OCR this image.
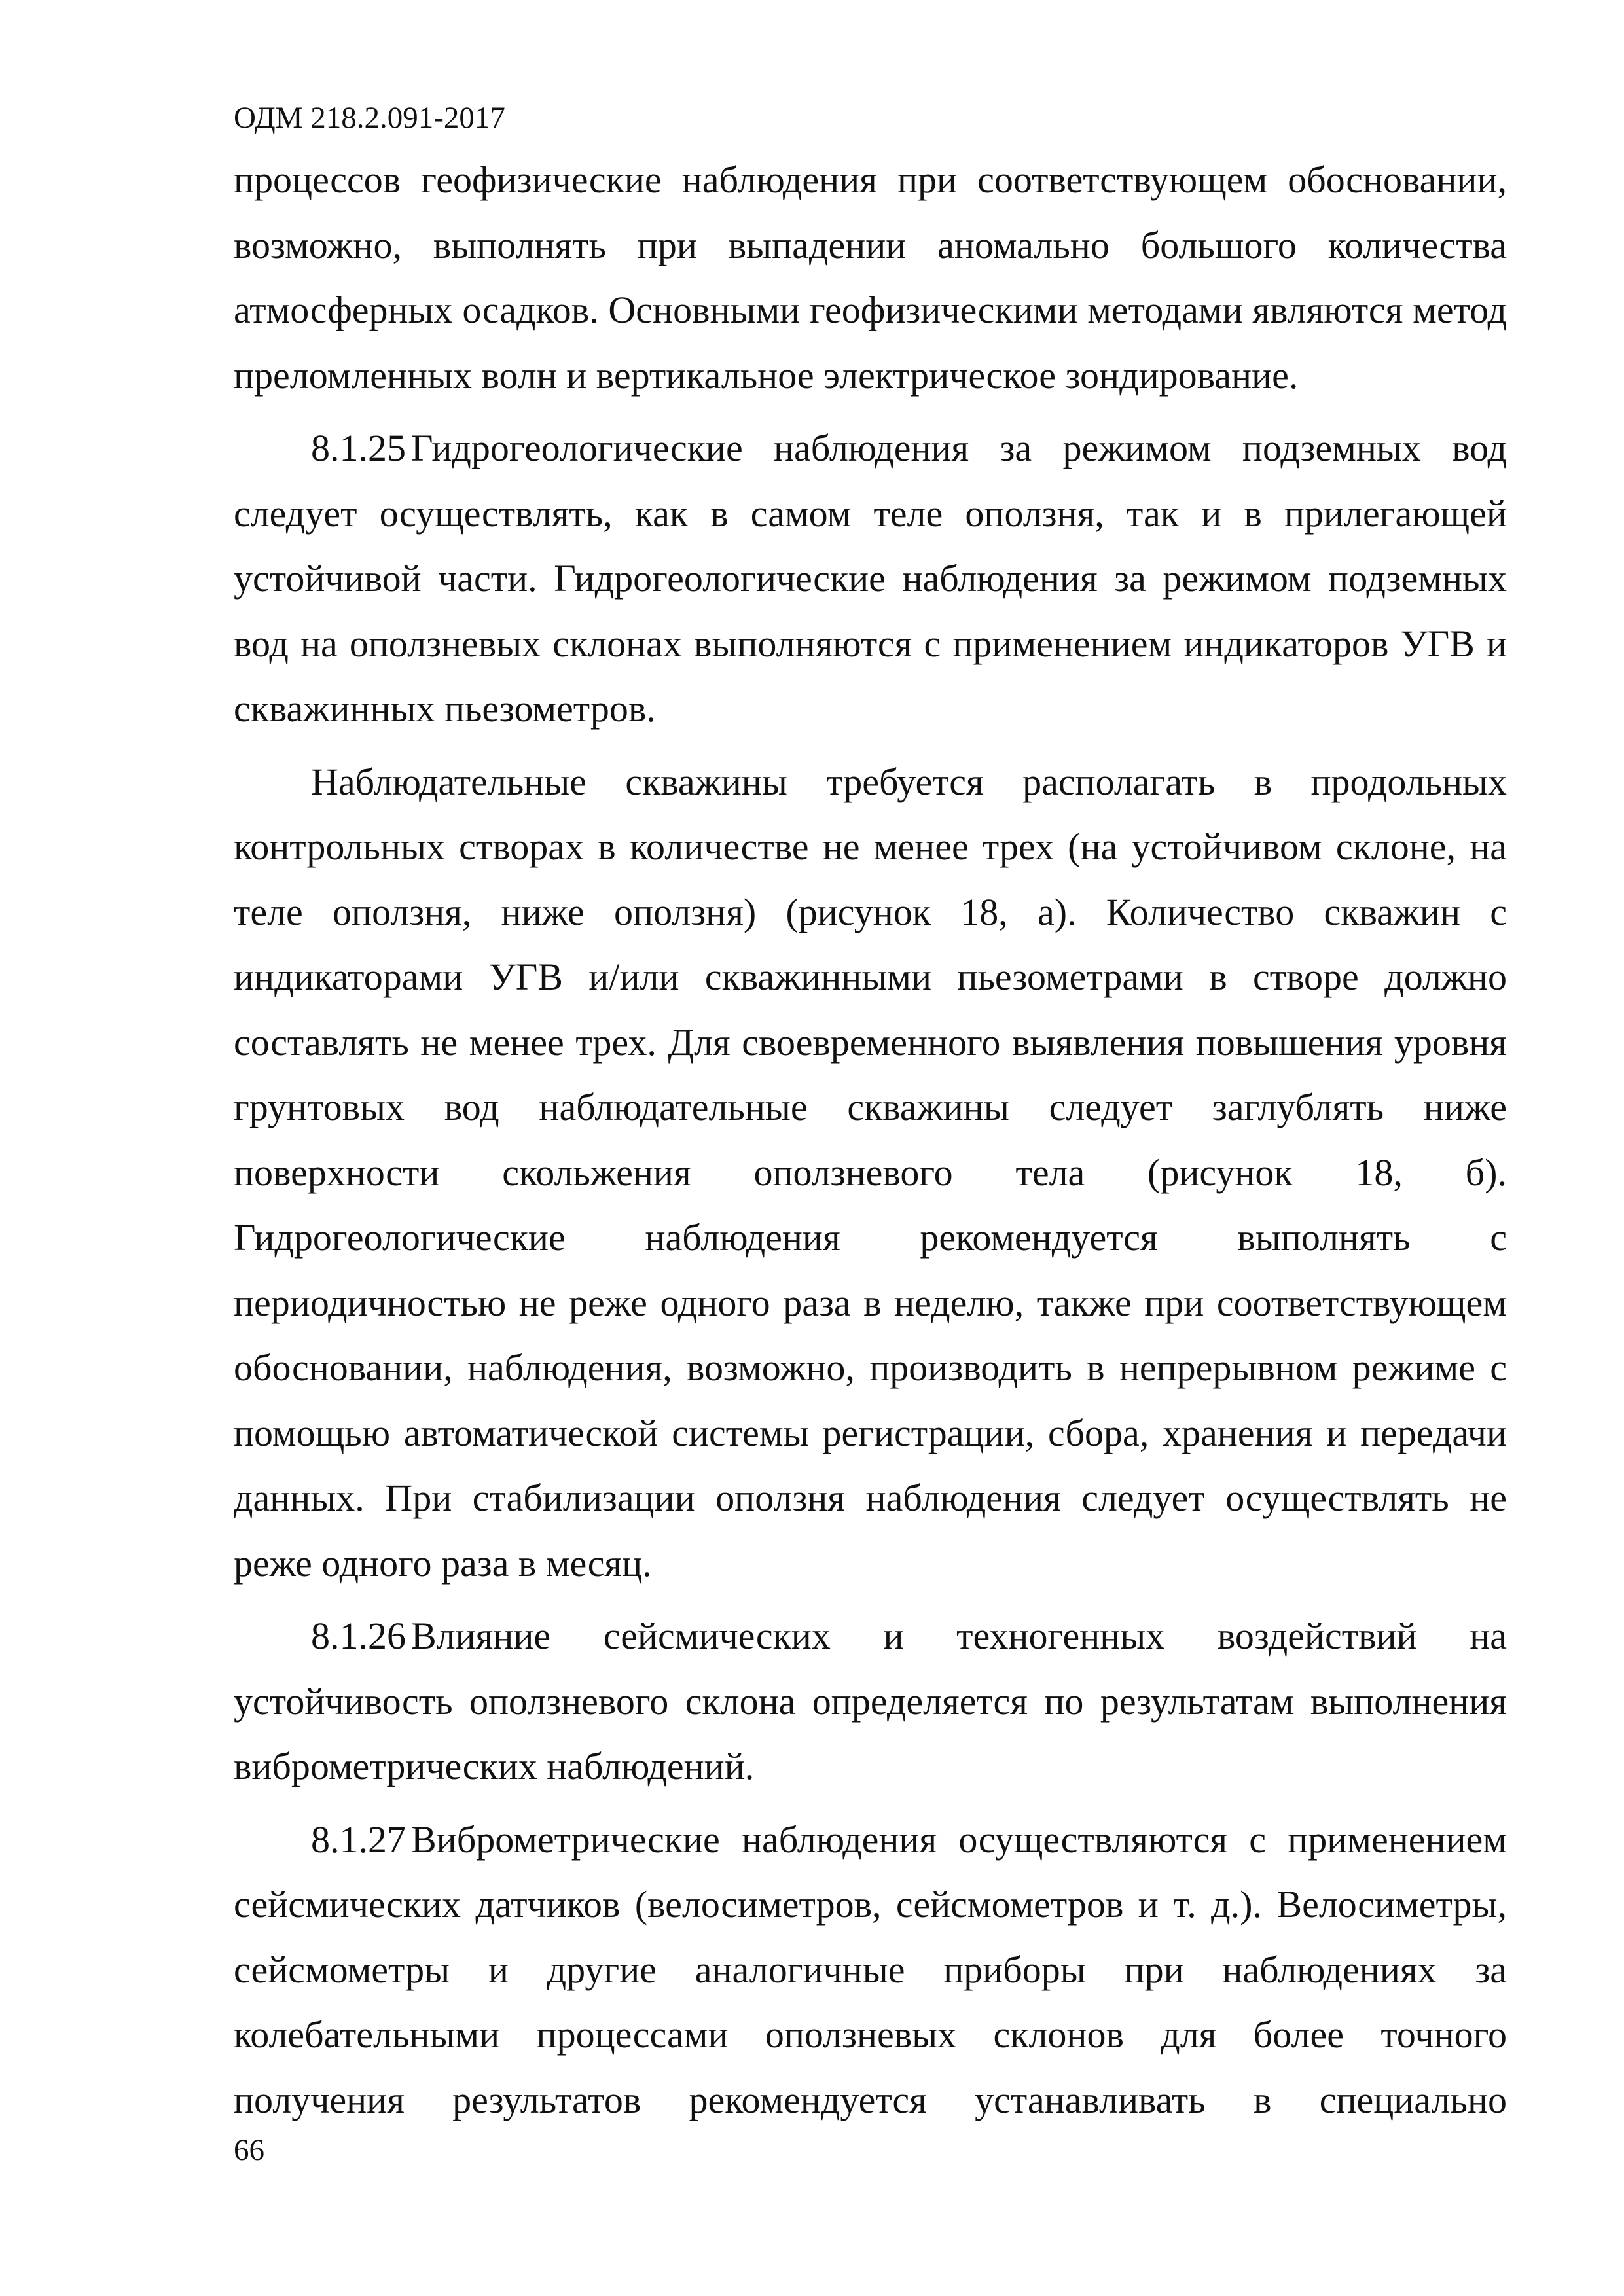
ОДМ 218.2.091-2017

процессов геофизические наблюдения при соответствующем обосновании, возможно, выполнять при выпадении аномально большого количества атмосферных осадков. Основными геофизическими методами являются метод преломленных волн и вертикальное электрическое зондирование.

8.1.25 Гидрогеологические наблюдения за режимом подземных вод следует осуществлять, как в самом теле оползня, так и в прилегающей устойчивой части. Гидрогеологические наблюдения за режимом подземных вод на оползневых склонах выполняются с применением индикаторов УГВ и скважинных пьезометров.

Наблюдательные скважины требуется располагать в продольных контрольных створах в количестве не менее трех (на устойчивом склоне, на теле оползня, ниже оползня) (рисунок 18, а). Количество скважин с индикаторами УГВ и/или скважинными пьезометрами в створе должно составлять не менее трех. Для своевременного выявления повышения уровня грунтовых вод наблюдательные скважины следует заглублять ниже поверхности скольжения оползневого тела (рисунок 18, б). Гидрогеологические наблюдения рекомендуется выполнять с периодичностью не реже одного раза в неделю, также при соответствующем обосновании, наблюдения, возможно, производить в непрерывном режиме с помощью автоматической системы регистрации, сбора, хранения и передачи данных. При стабилизации оползня наблюдения следует осуществлять не реже одного раза в месяц.

8.1.26 Влияние сейсмических и техногенных воздействий на устойчивость оползневого склона определяется по результатам выполнения виброметрических наблюдений.

8.1.27 Виброметрические наблюдения осуществляются с применением сейсмических датчиков (велосиметров, сейсмометров и т. д.). Велосиметры, сейсмометры и другие аналогичные приборы при наблюдениях за колебательными процессами оползневых склонов для более точного получения результатов рекомендуется устанавливать в специально

66
